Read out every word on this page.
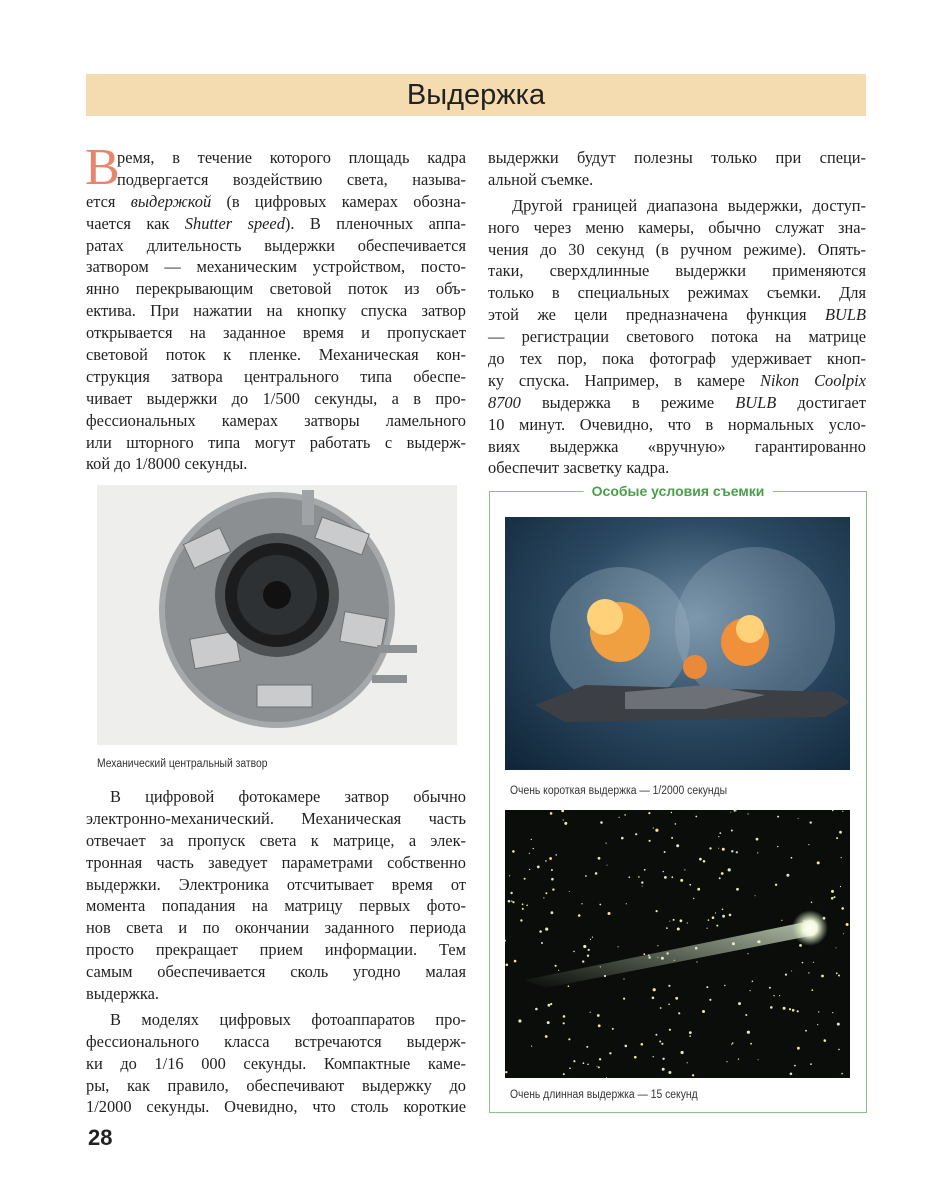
Выдержка
В
ремя, в течение которого площадь кадра
подвергается воздействию света, называ-
ется выдержкой (в цифровых камерах обозна-
чается как Shutter speed). В пленочных аппа-
ратах длительность выдержки обеспечивается
затвором — механическим устройством, посто-
янно перекрывающим световой поток из объ-
ектива. При нажатии на кнопку спуска затвор
открывается на заданное время и пропускает
световой поток к пленке. Механическая кон-
струкция затвора центрального типа обеспе-
чивает выдержки до 1/500 секунды, а в про-
фессиональных камерах затворы ламельного
или шторного типа могут работать с выдерж-
кой до 1/8000 секунды.
Механический центральный затвор
В цифровой фотокамере затвор обычно
электронно-механический. Механическая часть
отвечает за пропуск света к матрице, а элек-
тронная часть заведует параметрами собственно
выдержки. Электроника отсчитывает время от
момента попадания на матрицу первых фото-
нов света и по окончании заданного периода
просто прекращает прием информации. Тем
самым обеспечивается сколь угодно малая
выдержка.
В моделях цифровых фотоаппаратов про-
фессионального класса встречаются выдерж-
ки до 1/16 000 секунды. Компактные каме-
ры, как правило, обеспечивают выдержку до
1/2000 секунды. Очевидно, что столь короткие
выдержки будут полезны только при специ-
альной съемке.
Другой границей диапазона выдержки, доступ-
ного через меню камеры, обычно служат зна-
чения до 30 секунд (в ручном режиме). Опять-
таки, сверхдлинные выдержки применяются
только в специальных режимах съемки. Для
этой же цели предназначена функция BULB
— регистрации светового потока на матрице
до тех пор, пока фотограф удерживает кноп-
ку спуска. Например, в камере Nikon Coolpix
8700 выдержка в режиме BULB достигает
10 минут. Очевидно, что в нормальных усло-
виях выдержка «вручную» гарантированно
обеспечит засветку кадра.
Особые условия съемки
Очень короткая выдержка — 1/2000 секунды
Очень длинная выдержка — 15 секунд
28
